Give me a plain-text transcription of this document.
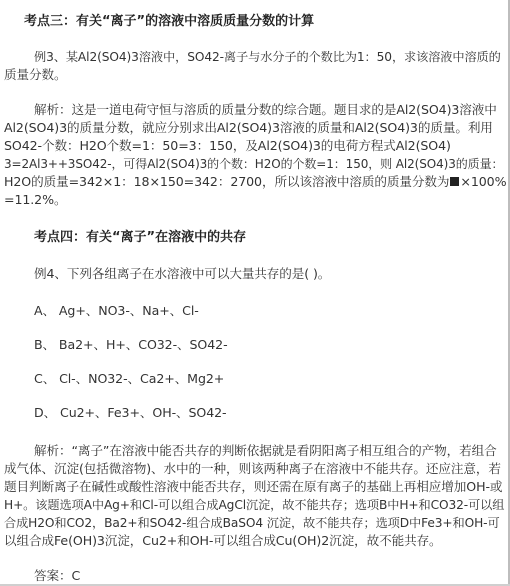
考点三：有关“离子”的溶液中溶质质量分数的计算
例3、某Al2(SO4)3溶液中，SO42-离子与水分子的个数比为1：50，求该溶液中溶质的
质量分数。
解析：这是一道电荷守恒与溶质的质量分数的综合题。题目求的是Al2(SO4)3溶液中
Al2(SO4)3的质量分数，就应分别求出Al2(SO4)3溶液的质量和Al2(SO4)3的质量。利用
SO42-个数：H2O个数=1：50=3：150，及Al2(SO4)3的电荷方程式Al2(SO4)
3=2Al3++3SO42-，可得Al2(SO4)3的个数：H2O的个数=1：150，则 Al2(SO4)3的质量：
H2O的质量=342×1：18×150=342：2700，所以该溶液中溶质的质量分数为 ×100%
=11.2%。
考点四：有关“离子”在溶液中的共存
例4、下列各组离子在水溶液中可以大量共存的是( )。
A、 Ag+、NO3-、Na+、Cl-
B、 Ba2+、H+、CO32-、SO42-
C、 Cl-、NO32-、Ca2+、Mg2+
D、 Cu2+、Fe3+、OH-、SO42-
解析：“离子”在溶液中能否共存的判断依据就是看阴阳离子相互组合的产物，若组合
成气体、沉淀(包括微溶物)、水中的一种，则该两种离子在溶液中不能共存。还应注意，若
题目判断离子在碱性或酸性溶液中能否共存，则还需在原有离子的基础上再相应增加OH-或
H+。该题选项A中Ag+和Cl-可以组合成AgCl沉淀，故不能共存；选项B中H+和CO32-可以组
合成H2O和CO2，Ba2+和SO42-组合成BaSO4 沉淀，故不能共存；选项D中Fe3+和OH-可
以组合成Fe(OH)3沉淀，Cu2+和OH-可以组合成Cu(OH)2沉淀，故不能共存。
答案：C
